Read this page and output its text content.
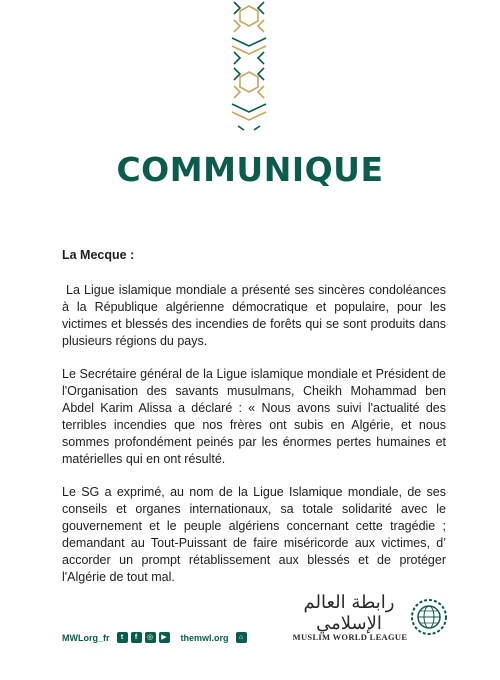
COMMUNIQUE
La Mecque :

La Ligue islamique mondiale a présenté ses sincères condoléances à la République algérienne démocratique et populaire, pour les victimes et blessés des incendies de forêts qui se sont produits dans plusieurs régions du pays.

Le Secrétaire général de la Ligue islamique mondiale et Président de l'Organisation des savants musulmans, Cheikh Mohammad ben Abdel Karim Alissa a déclaré : « Nous avons suivi l'actualité des terribles incendies que nos frères ont subis en Algérie, et nous sommes profondément peinés par les énormes pertes humaines et matérielles qui en ont résulté.

Le SG a exprimé, au nom de la Ligue Islamique mondiale, de ses conseils et organes internationaux, sa totale solidarité avec le gouvernement et le peuple algériens concernant cette tragédie ; demandant au Tout-Puissant de faire miséricorde aux victimes, d’ accorder un prompt rétablissement aux blessés et de protéger l'Algérie de tout mal.

MWLorg_fr	t	f	◎	▶	themwl.org	⌂
رابطة العالم الإسلامي
MUSLIM WORLD LEAGUE
